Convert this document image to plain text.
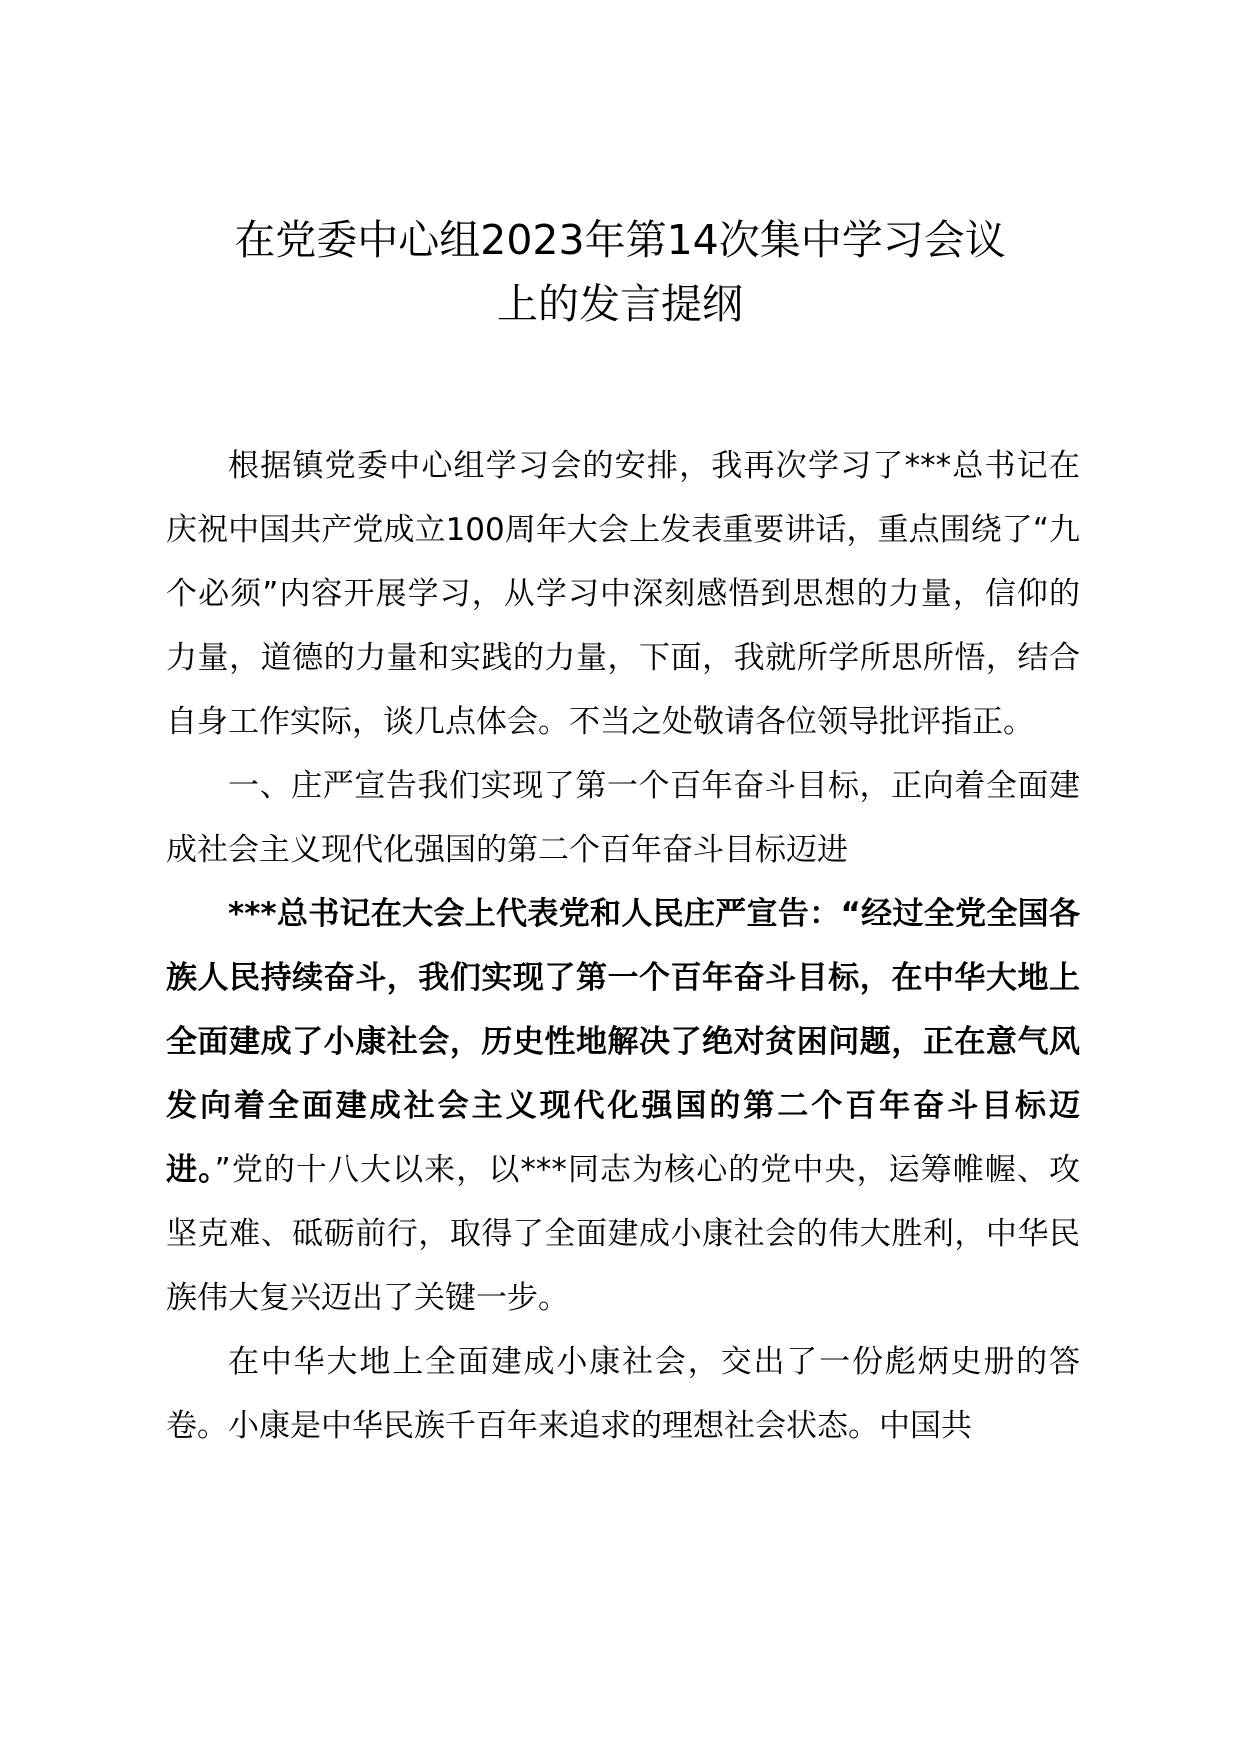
在党委中心组2023年第14次集中学习会议
上的发言提纲

根据镇党委中心组学习会的安排，我再次学习了***总书记在庆祝中国共产党成立100周年大会上发表重要讲话，重点围绕了“九个必须”内容开展学习，从学习中深刻感悟到思想的力量，信仰的力量，道德的力量和实践的力量，下面，我就所学所思所悟，结合自身工作实际，谈几点体会。不当之处敬请各位领导批评指正。

一、庄严宣告我们实现了第一个百年奋斗目标，正向着全面建成社会主义现代化强国的第二个百年奋斗目标迈进

***总书记在大会上代表党和人民庄严宣告：“经过全党全国各族人民持续奋斗，我们实现了第一个百年奋斗目标，在中华大地上全面建成了小康社会，历史性地解决了绝对贫困问题，正在意气风发向着全面建成社会主义现代化强国的第二个百年奋斗目标迈进。”党的十八大以来，以***同志为核心的党中央，运筹帷幄、攻坚克难、砥砺前行，取得了全面建成小康社会的伟大胜利，中华民族伟大复兴迈出了关键一步。

在中华大地上全面建成小康社会，交出了一份彪炳史册的答卷。小康是中华民族千百年来追求的理想社会状态。中国共
